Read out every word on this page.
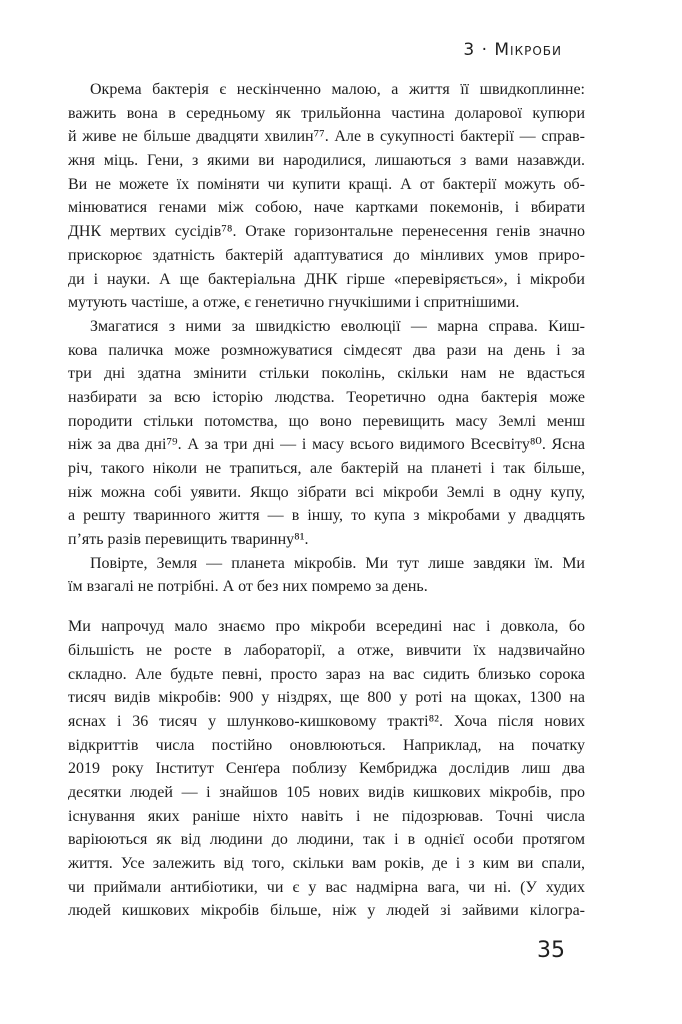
3 · Мікроби
Окрема бактерія є нескінченно малою, а життя її швидкоплинне:
важить вона в середньому як трильйонна частина доларової купюри
й живе не більше двадцяти хвилин⁷⁷. Але в сукупності бактерії — справ-
жня міць. Гени, з якими ви народилися, лишаються з вами назавжди.
Ви не можете їх поміняти чи купити кращі. А от бактерії можуть об-
мінюватися генами між собою, наче картками покемонів, і вбирати
ДНК мертвих сусідів⁷⁸. Отаке горизонтальне перенесення генів значно
прискорює здатність бактерій адаптуватися до мінливих умов приро-
ди і науки. А ще бактеріальна ДНК гірше «перевіряється», і мікроби
мутують частіше, а отже, є генетично гнучкішими і спритнішими.
Змагатися з ними за швидкістю еволюції — марна справа. Киш-
кова паличка може розмножуватися сімдесят два рази на день і за
три дні здатна змінити стільки поколінь, скільки нам не вдасться
назбирати за всю історію людства. Теоретично одна бактерія може
породити стільки потомства, що воно перевищить масу Землі менш
ніж за два дні⁷⁹. А за три дні — і масу всього видимого Всесвіту⁸⁰. Ясна
річ, такого ніколи не трапиться, але бактерій на планеті і так більше,
ніж можна собі уявити. Якщо зібрати всі мікроби Землі в одну купу,
а решту тваринного життя — в іншу, то купа з мікробами у двадцять
п’ять разів перевищить тваринну⁸¹.
Повірте, Земля — планета мікробів. Ми тут лише завдяки їм. Ми
їм взагалі не потрібні. А от без них помремо за день.
Ми напрочуд мало знаємо про мікроби всередині нас і довкола, бо
більшість не росте в лабораторії, а отже, вивчити їх надзвичайно
складно. Але будьте певні, просто зараз на вас сидить близько сорока
тисяч видів мікробів: 900 у ніздрях, ще 800 у роті на щоках, 1300 на
яснах і 36 тисяч у шлунково-кишковому тракті⁸². Хоча після нових
відкриттів числа постійно оновлюються. Наприклад, на початку
2019 року Інститут Сенґера поблизу Кембриджа дослідив лиш два
десятки людей — і знайшов 105 нових видів кишкових мікробів, про
існування яких раніше ніхто навіть і не підозрював. Точні числа
варіюються як від людини до людини, так і в однієї особи протягом
життя. Усе залежить від того, скільки вам років, де і з ким ви спали,
чи приймали антибіотики, чи є у вас надмірна вага, чи ні. (У худих
людей кишкових мікробів більше, ніж у людей зі зайвими кілогра-
35
